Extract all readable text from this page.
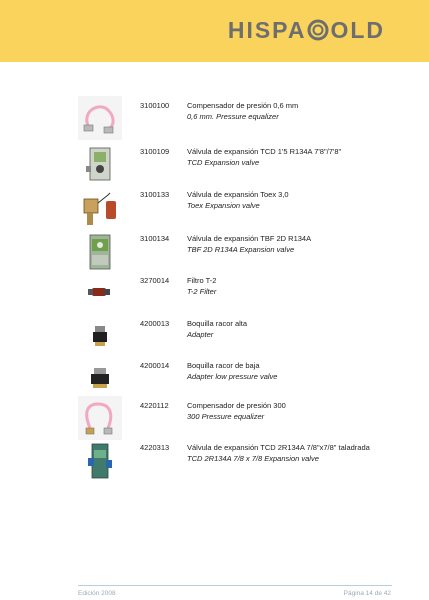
HISPA OLD
3100100 Compensador de presión 0,6 mm
0,6 mm. Pressure equalizer
3100109 Válvula de expansión TCD 1'5 R134A 7'8"/7'8"
TCD Expansion valve
3100133 Válvula de expansión Toex 3,0
Toex Expansion valve
3100134 Válvula de expansión TBF 2D R134A
TBF 2D R134A Expansion valve
3270014 Filtro T-2
T-2 Filter
4200013 Boquilla racor alta
Adapter
4200014 Boquilla racor de baja
Adapter low pressure valve
4220112 Compensador de presión 300
300 Pressure equalizer
4220313 Válvula de expansión TCD 2R134A 7/8"x7/8" taladrada
TCD 2R134A 7/8 x 7/8 Expansion valve
Edición 2008	Página 14 de 42
